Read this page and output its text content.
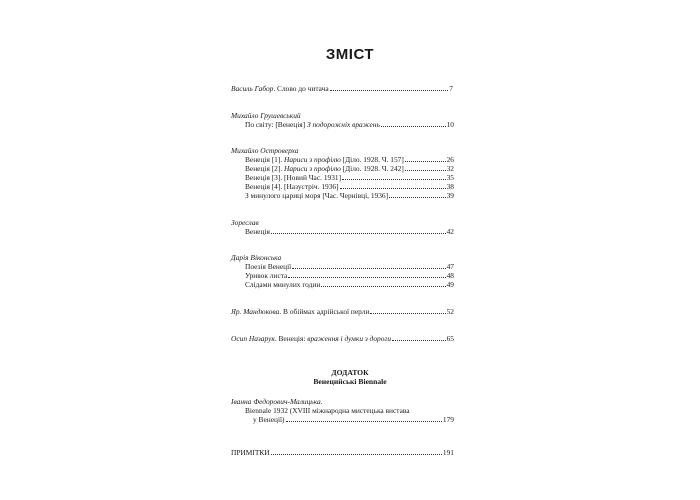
ЗМІСТ
Василь Габор. Слово до читача	7
Михайло Грушевський
По світу: [Венеція] З подорожніх вражень	10
Михайло Островерха
Венеція [1]. Нариси з профілю [Діло. 1928. Ч. 157]	26
Венеція [2]. Нариси з профілю [Діло. 1928. Ч. 242]	32
Венеція [3]. [Новий Час. 1931]	35
Венеція [4]. [Назустріч. 1936]	38
З минулого цариці моря [Час. Чернівці, 1936]	39
Зореслав
Венеція	42
Дарія Віконська
Поезія Венеції	47
Уривок листа	48
Слідами минулих годин	49
Яр. Мандюкова. В обіймах адрійської перли	52
Осип Назарук. Венеція: враження і думки з дороги	65
ДОДАТОК
Венецийські Biennale
Іванна Федорович-Малицька.
Biennale 1932 (XVIII міжнародна мистецька вистава
у Венеції)	179
ПРИМІТКИ	191
